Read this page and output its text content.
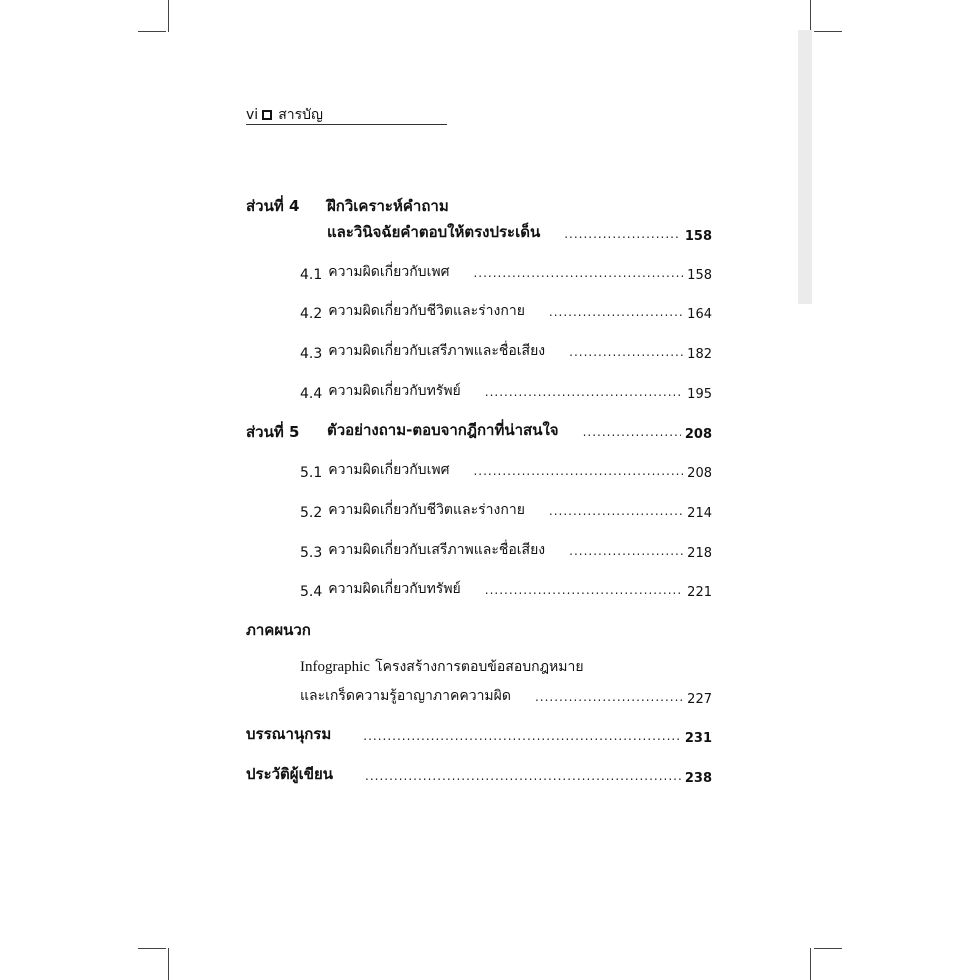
vi สารบัญ
ส่วนที่ 4 ฝึกวิเคราะห์คำถาม
และวินิจฉัยคำตอบให้ตรงประเด็น .....	158
4.1 ความผิดเกี่ยวกับเพศ .....	158
4.2 ความผิดเกี่ยวกับชีวิตและร่างกาย .....	164
4.3 ความผิดเกี่ยวกับเสรีภาพและชื่อเสียง .....	182
4.4 ความผิดเกี่ยวกับทรัพย์ .....	195
ส่วนที่ 5 ตัวอย่างถาม-ตอบจากฎีกาที่น่าสนใจ .....	208
5.1 ความผิดเกี่ยวกับเพศ .....	208
5.2 ความผิดเกี่ยวกับชีวิตและร่างกาย .....	214
5.3 ความผิดเกี่ยวกับเสรีภาพและชื่อเสียง .....	218
5.4 ความผิดเกี่ยวกับทรัพย์ .....	221
ภาคผนวก
Infographic โครงสร้างการตอบข้อสอบกฎหมาย
และเกร็ดความรู้อาญาภาคความผิด .....	227
บรรณานุกรม .....	231
ประวัติผู้เขียน .....	238
